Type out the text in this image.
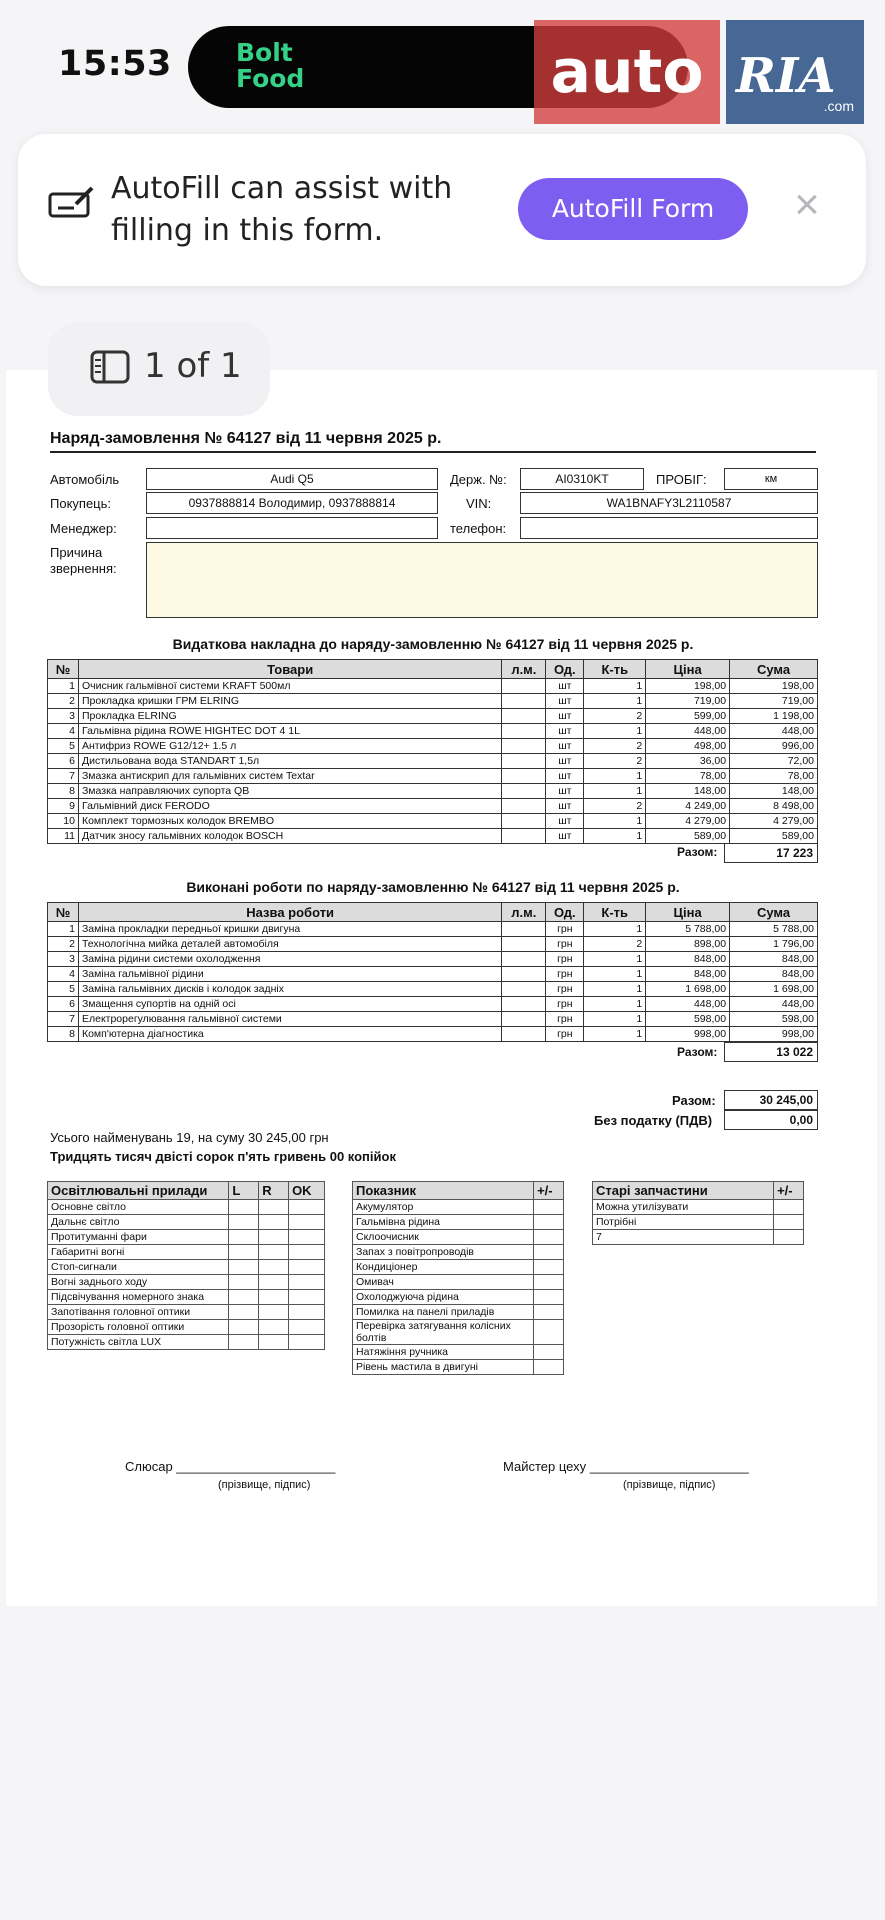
15:53	Bolt
Food	auto RIA
.com
AutoFill can assist with
filling in this form.
AutoFill Form	×
1 of 1
Наряд-замовлення № 64127 від 11 червня 2025 р.
Автомобіль	Audi Q5	Держ. №:	AI0310KT	ПРОБІГ:	км
Покупець:	0937888814 Володимир, 0937888814	VIN:	WA1BNAFY3L2110587
Менеджер:	телефон:
Причина звернення:
Видаткова накладна до наряду-замовленню № 64127 від 11 червня 2025 р.
№	Товари	л.м.	Од.	К-ть	Ціна	Сума
1	Очисник гальмівної системи KRAFT 500мл		шт	1	198,00	198,00
2	Прокладка кришки ГРМ ELRING		шт	1	719,00	719,00
3	Прокладка ELRING		шт	2	599,00	1 198,00
4	Гальмівна рідина ROWE HIGHTEC DOT 4 1L		шт	1	448,00	448,00
5	Антифриз ROWE G12/12+ 1.5 л		шт	2	498,00	996,00
6	Дистильована вода STANDART 1,5л		шт	2	36,00	72,00
7	Змазка антискрип для гальмівних систем Textar		шт	1	78,00	78,00
8	Змазка направляючих супорта QB		шт	1	148,00	148,00
9	Гальмівний диск FERODO		шт	2	4 249,00	8 498,00
10	Комплект тормозных колодок BREMBO		шт	1	4 279,00	4 279,00
11	Датчик зносу гальмівних колодок BOSCH		шт	1	589,00	589,00
Разом:	17 223
Виконані роботи по наряду-замовленню № 64127 від 11 червня 2025 р.
№	Назва роботи	л.м.	Од.	К-ть	Ціна	Сума
1	Заміна прокладки передньої кришки двигуна		грн	1	5 788,00	5 788,00
2	Технологічна мийка деталей автомобіля		грн	2	898,00	1 796,00
3	Заміна рідини системи охолодження		грн	1	848,00	848,00
4	Заміна гальмівної рідини		грн	1	848,00	848,00
5	Заміна гальмівних дисків і колодок задніх		грн	1	1 698,00	1 698,00
6	Змащення супортів на одній осі		грн	1	448,00	448,00
7	Електрорегулювання гальмівної системи		грн	1	598,00	598,00
8	Комп'ютерна діагностика		грн	1	998,00	998,00
Разом:	13 022
Разом:	30 245,00
Без податку (ПДВ)	0,00
Усього найменувань 19, на суму 30 245,00 грн
Тридцять тисяч двісті сорок п'ять гривень 00 копійок
Освітлювальні прилади	L	R	OK
Основне світло			
Дальнє світло			
Протитуманні фари			
Габаритні вогні			
Стоп-сигнали			
Вогні заднього ходу			
Підсвічування номерного знака			
Запотівання головної оптики			
Прозорість головної оптики			
Потужність світла LUX			
Показник	+/-
Акумулятор	
Гальмівна рідина	
Склоочисник	
Запах з повітропроводів	
Кондиціонер	
Омивач	
Охолоджуюча рідина	
Помилка на панелі приладів	
Перевірка затягування колісних болтів	
Натяжіння ручника	
Рівень мастила в двигуні	
Старі запчастини	+/-
Можна утилізувати	
Потрібні	
7	
Слюсар ______________________
(прізвище, підпис)
Майстер цеху ______________________
(прізвище, підпис)
